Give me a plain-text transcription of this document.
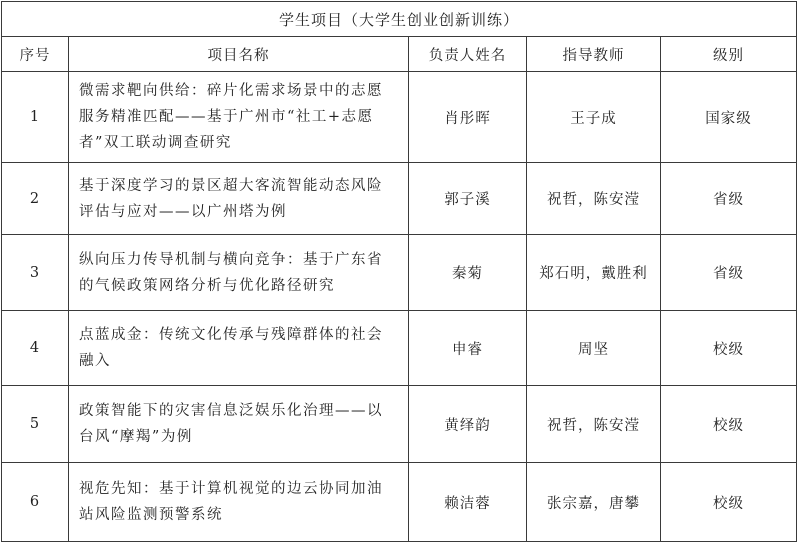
学生项目（大学生创业创新训练）				
序号	项目名称	负责人姓名	指导教师	级别
1	微需求靶向供给：碎片化需求场景中的志愿服务精准匹配——基于广州市“社工+志愿者”双工联动调查研究	肖彤晖	王子成	国家级
2	基于深度学习的景区超大客流智能动态风险评估与应对——以广州塔为例	郭子溪	祝哲，陈安滢	省级
3	纵向压力传导机制与横向竞争：基于广东省的气候政策网络分析与优化路径研究	秦菊	郑石明，戴胜利	省级
4	点蓝成金：传统文化传承与残障群体的社会融入	申睿	周坚	校级
5	政策智能下的灾害信息泛娱乐化治理——以台风“摩羯”为例	黄绎韵	祝哲，陈安滢	校级
6	视危先知：基于计算机视觉的边云协同加油站风险监测预警系统	赖洁蓉	张宗嘉，唐攀	校级
